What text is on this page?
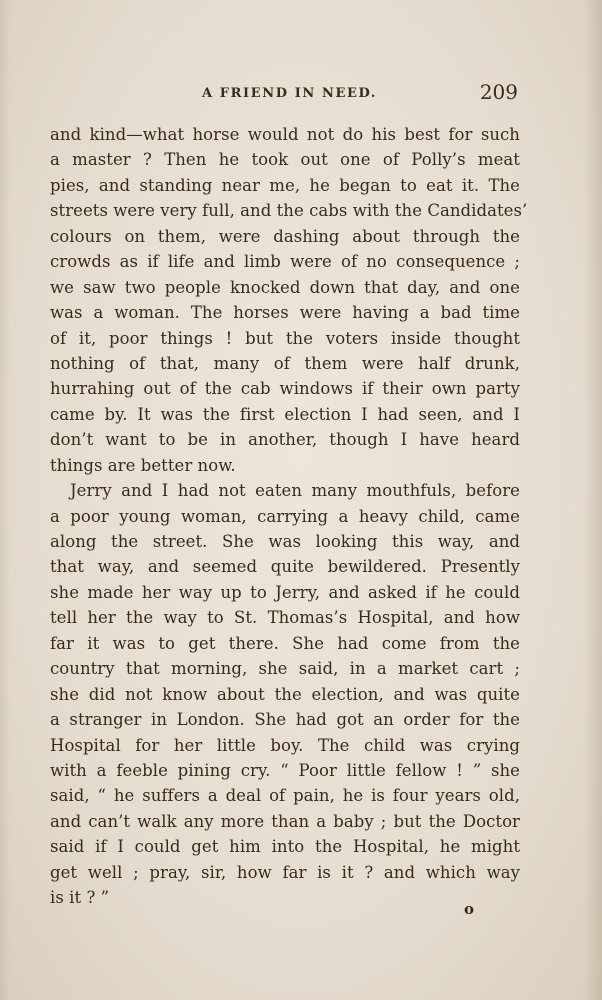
A FRIEND IN NEED.	209
and kind—what horse would not do his best for such
a master ? Then he took out one of Polly’s meat
pies, and standing near me, he began to eat it. The
streets were very full, and the cabs with the Candidates’
colours on them, were dashing about through the
crowds as if life and limb were of no consequence ;
we saw two people knocked down that day, and one
was a woman. The horses were having a bad time
of it, poor things ! but the voters inside thought
nothing of that, many of them were half drunk,
hurrahing out of the cab windows if their own party
came by. It was the first election I had seen, and I
don’t want to be in another, though I have heard
things are better now.
Jerry and I had not eaten many mouthfuls, before
a poor young woman, carrying a heavy child, came
along the street. She was looking this way, and
that way, and seemed quite bewildered. Presently
she made her way up to Jerry, and asked if he could
tell her the way to St. Thomas’s Hospital, and how
far it was to get there. She had come from the
country that morning, she said, in a market cart ;
she did not know about the election, and was quite
a stranger in London. She had got an order for the
Hospital for her little boy. The child was crying
with a feeble pining cry. “ Poor little fellow ! ” she
said, “ he suffers a deal of pain, he is four years old,
and can’t walk any more than a baby ; but the Doctor
said if I could get him into the Hospital, he might
get well ; pray, sir, how far is it ? and which way
is it ? ”
o
